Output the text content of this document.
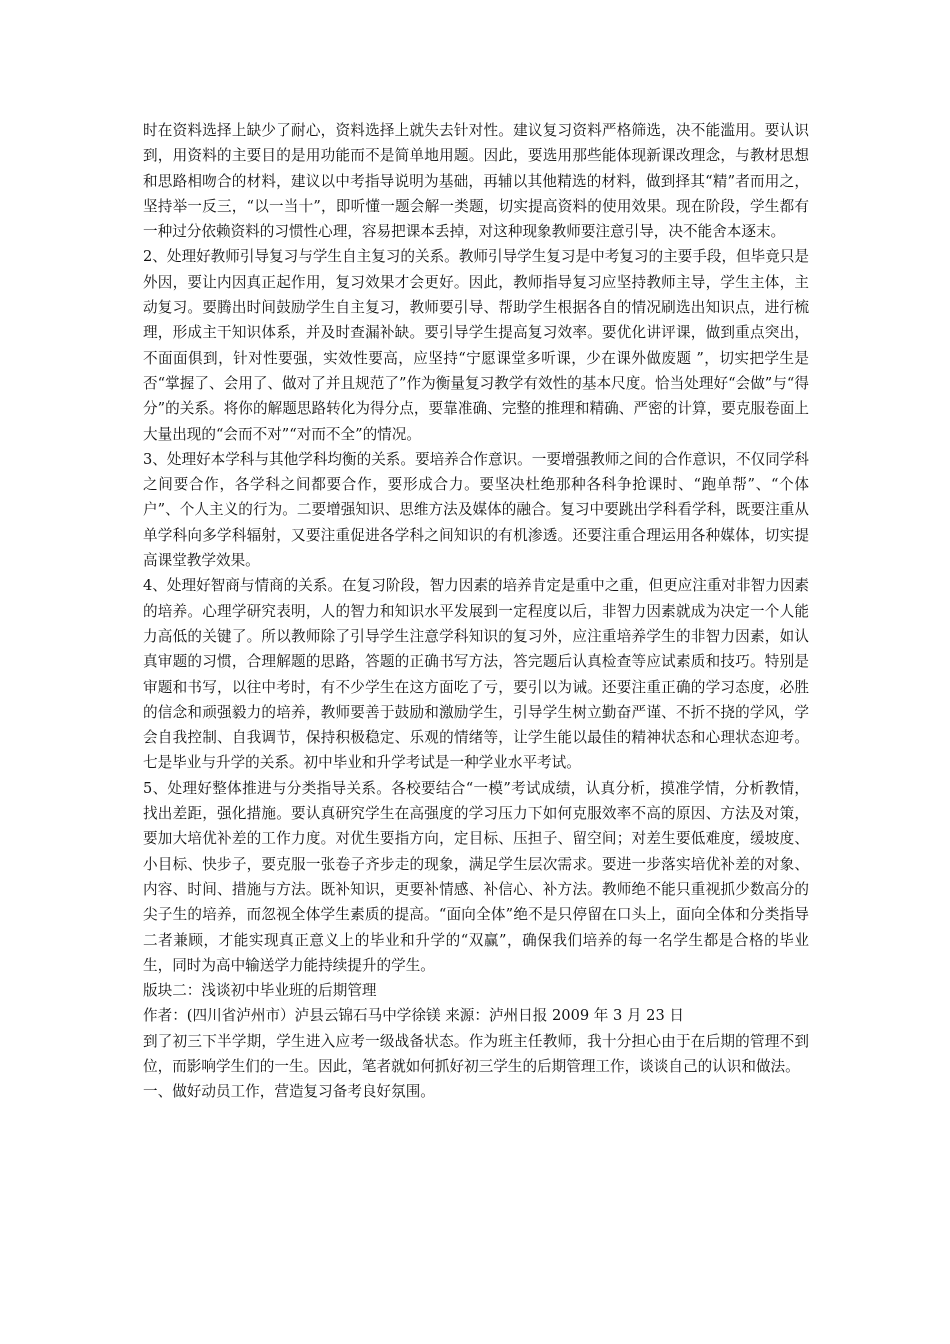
时在资料选择上缺少了耐心，资料选择上就失去针对性。建议复习资料严格筛选，决不能滥用。要认识到，用资料的主要目的是用功能而不是简单地用题。因此，要选用那些能体现新课改理念，与教材思想和思路相吻合的材料，建议以中考指导说明为基础，再辅以其他精选的材料，做到择其“精”者而用之，坚持举一反三，“以一当十”，即听懂一题会解一类题，切实提高资料的使用效果。现在阶段，学生都有一种过分依赖资料的习惯性心理，容易把课本丢掉，对这种现象教师要注意引导，决不能舍本逐末。

2、处理好教师引导复习与学生自主复习的关系。教师引导学生复习是中考复习的主要手段，但毕竟只是外因，要让内因真正起作用，复习效果才会更好。因此，教师指导复习应坚持教师主导，学生主体，主动复习。要腾出时间鼓励学生自主复习，教师要引导、帮助学生根据各自的情况刷选出知识点，进行梳理，形成主干知识体系，并及时查漏补缺。要引导学生提高复习效率。要优化讲评课，做到重点突出，不面面俱到，针对性要强，实效性要高，应坚持“宁愿课堂多听课，少在课外做废题 ”，切实把学生是否“掌握了、会用了、做对了并且规范了”作为衡量复习教学有效性的基本尺度。恰当处理好“会做”与“得分”的关系。将你的解题思路转化为得分点，要靠准确、完整的推理和精确、严密的计算，要克服卷面上大量出现的“会而不对”“对而不全”的情况。

3、处理好本学科与其他学科均衡的关系。要培养合作意识。一要增强教师之间的合作意识，不仅同学科之间要合作，各学科之间都要合作，要形成合力。要坚决杜绝那种各科争抢课时、“跑单帮”、“个体户”、个人主义的行为。二要增强知识、思维方法及媒体的融合。复习中要跳出学科看学科，既要注重从单学科向多学科辐射，又要注重促进各学科之间知识的有机渗透。还要注重合理运用各种媒体，切实提高课堂教学效果。

4、处理好智商与情商的关系。在复习阶段，智力因素的培养肯定是重中之重，但更应注重对非智力因素的培养。心理学研究表明，人的智力和知识水平发展到一定程度以后，非智力因素就成为决定一个人能力高低的关键了。所以教师除了引导学生注意学科知识的复习外，应注重培养学生的非智力因素，如认真审题的习惯，合理解题的思路，答题的正确书写方法，答完题后认真检查等应试素质和技巧。特别是审题和书写，以往中考时，有不少学生在这方面吃了亏，要引以为诫。还要注重正确的学习态度，必胜的信念和顽强毅力的培养，教师要善于鼓励和激励学生，引导学生树立勤奋严谨、不折不挠的学风，学会自我控制、自我调节，保持积极稳定、乐观的情绪等，让学生能以最佳的精神状态和心理状态迎考。七是毕业与升学的关系。初中毕业和升学考试是一种学业水平考试。

5、处理好整体推进与分类指导关系。各校要结合“一模”考试成绩，认真分析，摸准学情，分析教情，找出差距，强化措施。要认真研究学生在高强度的学习压力下如何克服效率不高的原因、方法及对策，要加大培优补差的工作力度。对优生要指方向，定目标、压担子、留空间；对差生要低难度，缓坡度、小目标、快步子，要克服一张卷子齐步走的现象，满足学生层次需求。要进一步落实培优补差的对象、内容、时间、措施与方法。既补知识，更要补情感、补信心、补方法。教师绝不能只重视抓少数高分的尖子生的培养，而忽视全体学生素质的提高。“面向全体”绝不是只停留在口头上，面向全体和分类指导二者兼顾，才能实现真正意义上的毕业和升学的“双赢”，确保我们培养的每一名学生都是合格的毕业生，同时为高中输送学力能持续提升的学生。

版块二：浅谈初中毕业班的后期管理

作者：(四川省泸州市）泸县云锦石马中学徐镁 来源：泸州日报 2009 年 3 月 23 日

到了初三下半学期，学生进入应考一级战备状态。作为班主任教师，我十分担心由于在后期的管理不到位，而影响学生们的一生。因此，笔者就如何抓好初三学生的后期管理工作，谈谈自己的认识和做法。

一、做好动员工作，营造复习备考良好氛围。
